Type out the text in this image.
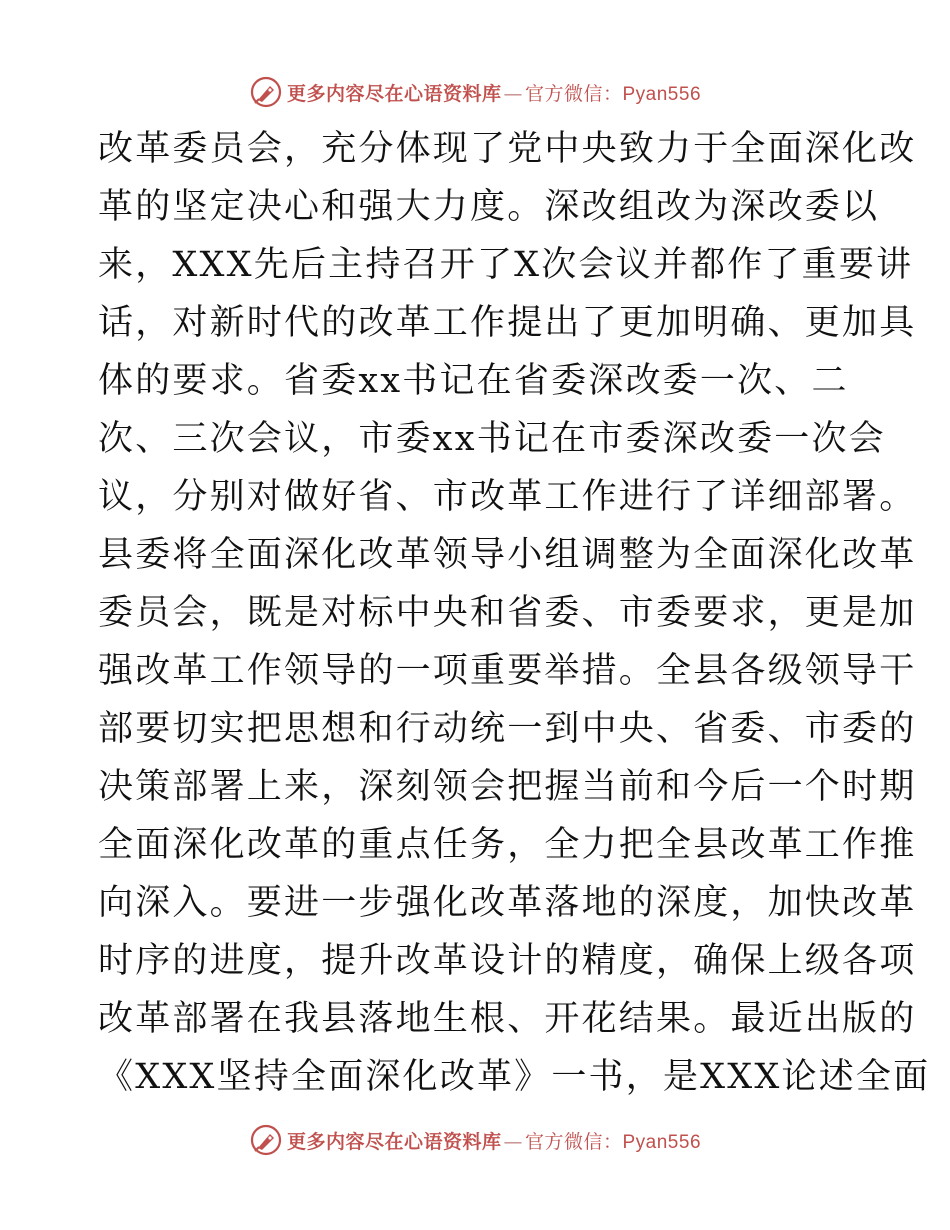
更多内容尽在心语资料库 — 官方微信：Pyan556
改革委员会，充分体现了党中央致力于全面深化改
革的坚定决心和强大力度。深改组改为深改委以
来，XXX先后主持召开了X次会议并都作了重要讲
话，对新时代的改革工作提出了更加明确、更加具
体的要求。省委xx书记在省委深改委一次、二
次、三次会议，市委xx书记在市委深改委一次会
议，分别对做好省、市改革工作进行了详细部署。
县委将全面深化改革领导小组调整为全面深化改革
委员会，既是对标中央和省委、市委要求，更是加
强改革工作领导的一项重要举措。全县各级领导干
部要切实把思想和行动统一到中央、省委、市委的
决策部署上来，深刻领会把握当前和今后一个时期
全面深化改革的重点任务，全力把全县改革工作推
向深入。要进一步强化改革落地的深度，加快改革
时序的进度，提升改革设计的精度，确保上级各项
改革部署在我县落地生根、开花结果。最近出版的
《XXX坚持全面深化改革》一书，是XXX论述全面
更多内容尽在心语资料库 — 官方微信：Pyan556
